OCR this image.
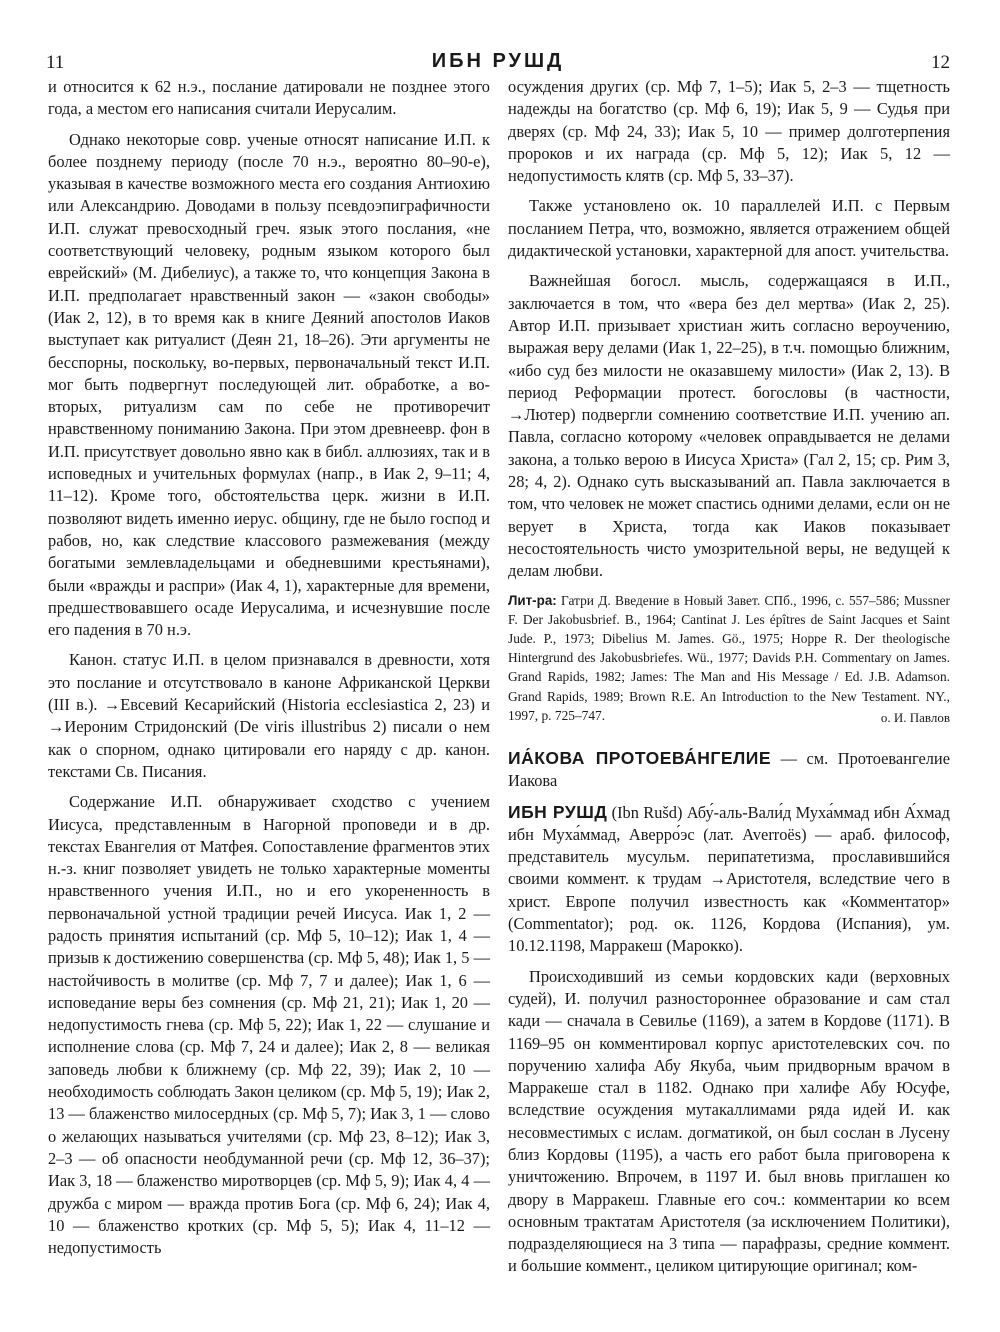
11	ИБН РУШД	12

и относится к 62 н.э., послание датировали не позднее этого года, а местом его написания считали Иерусалим.

Однако некоторые совр. ученые относят написание И.П. к более позднему периоду (после 70 н.э., вероятно 80–90-е), указывая в качестве возможного места его создания Антиохию или Александрию. Доводами в пользу псевдоэпиграфичности И.П. служат превосходный греч. язык этого послания, «не соответствующий человеку, родным языком которого был еврейский» (М. Дибелиус), а также то, что концепция Закона в И.П. предполагает нравственный закон — «закон свободы» (Иак 2, 12), в то время как в книге Деяний апостолов Иаков выступает как ритуалист (Деян 21, 18–26). Эти аргументы не бесспорны, поскольку, во-первых, первоначальный текст И.П. мог быть подвергнут последующей лит. обработке, а во-вторых, ритуализм сам по себе не противоречит нравственному пониманию Закона. При этом древнеевр. фон в И.П. присутствует довольно явно как в библ. аллюзиях, так и в исповедных и учительных формулах (напр., в Иак 2, 9–11; 4, 11–12). Кроме того, обстоятельства церк. жизни в И.П. позволяют видеть именно иерус. общину, где не было господ и рабов, но, как следствие классового размежевания (между богатыми землевладельцами и обедневшими крестьянами), были «вражды и распри» (Иак 4, 1), характерные для времени, предшествовавшего осаде Иерусалима, и исчезнувшие после его падения в 70 н.э.

Канон. статус И.П. в целом признавался в древности, хотя это послание и отсутствовало в каноне Африканской Церкви (III в.). →Евсевий Кесарийский (Historia ecclesiastica 2, 23) и →Иероним Стридонский (De viris illustribus 2) писали о нем как о спорном, однако цитировали его наряду с др. канон. текстами Св. Писания.

Содержание И.П. обнаруживает сходство с учением Иисуса, представленным в Нагорной проповеди и в др. текстах Евангелия от Матфея. Сопоставление фрагментов этих н.-з. книг позволяет увидеть не только характерные моменты нравственного учения И.П., но и его укорененность в первоначальной устной традиции речей Иисуса. Иак 1, 2 — радость принятия испытаний (ср. Мф 5, 10–12); Иак 1, 4 — призыв к достижению совершенства (ср. Мф 5, 48); Иак 1, 5 — настойчивость в молитве (ср. Мф 7, 7 и далее); Иак 1, 6 — исповедание веры без сомнения (ср. Мф 21, 21); Иак 1, 20 — недопустимость гнева (ср. Мф 5, 22); Иак 1, 22 — слушание и исполнение слова (ср. Мф 7, 24 и далее); Иак 2, 8 — великая заповедь любви к ближнему (ср. Мф 22, 39); Иак 2, 10 — необходимость соблюдать Закон целиком (ср. Мф 5, 19); Иак 2, 13 — блаженство милосердных (ср. Мф 5, 7); Иак 3, 1 — слово о желающих называться учителями (ср. Мф 23, 8–12); Иак 3, 2–3 — об опасности необдуманной речи (ср. Мф 12, 36–37); Иак 3, 18 — блаженство миротворцев (ср. Мф 5, 9); Иак 4, 4 — дружба с миром — вражда против Бога (ср. Мф 6, 24); Иак 4, 10 — блаженство кротких (ср. Мф 5, 5); Иак 4, 11–12 — недопустимость

осуждения других (ср. Мф 7, 1–5); Иак 5, 2–3 — тщетность надежды на богатство (ср. Мф 6, 19); Иак 5, 9 — Судья при дверях (ср. Мф 24, 33); Иак 5, 10 — пример долготерпения пророков и их награда (ср. Мф 5, 12); Иак 5, 12 — недопустимость клятв (ср. Мф 5, 33–37).

Также установлено ок. 10 параллелей И.П. с Первым посланием Петра, что, возможно, является отражением общей дидактической установки, характерной для апост. учительства.

Важнейшая богосл. мысль, содержащаяся в И.П., заключается в том, что «вера без дел мертва» (Иак 2, 25). Автор И.П. призывает христиан жить согласно вероучению, выражая веру делами (Иак 1, 22–25), в т.ч. помощью ближним, «ибо суд без милости не оказавшему милости» (Иак 2, 13). В период Реформации протест. богословы (в частности, →Лютер) подвергли сомнению соответствие И.П. учению ап. Павла, согласно которому «человек оправдывается не делами закона, а только верою в Иисуса Христа» (Гал 2, 15; ср. Рим 3, 28; 4, 2). Однако суть высказываний ап. Павла заключается в том, что человек не может спастись одними делами, если он не верует в Христа, тогда как Иаков показывает несостоятельность чисто умозрительной веры, не ведущей к делам любви.

Лит-ра: Гатри Д. Введение в Новый Завет. СПб., 1996, с. 557–586; Mussner F. Der Jakobusbrief. B., 1964; Cantinat J. Les épîtres de Saint Jacques et Saint Jude. P., 1973; Dibelius M. James. Gö., 1975; Hoppe R. Der theologische Hintergrund des Jakobusbriefes. Wü., 1977; Davids P.H. Commentary on James. Grand Rapids, 1982; James: The Man and His Message / Ed. J.B. Adamson. Grand Rapids, 1989; Brown R.E. An Introduction to the New Testament. NY., 1997, p. 725–747.	о. И. Павлов

ИА́КОВА ПРОТОЕВА́НГЕЛИЕ — см. Протоевангелие Иакова

ИБН РУШД (Ibn Rušd) Абу́-аль-Вали́д Муха́ммад ибн А́хмад ибн Муха́ммад, Аверро́эс (лат. Averroës) — араб. философ, представитель мусульм. перипатетизма, прославившийся своими коммент. к трудам →Аристотеля, вследствие чего в христ. Европе получил известность как «Комментатор» (Commentator); род. ок. 1126, Кордова (Испания), ум. 10.12.1198, Марракеш (Марокко).

Происходивший из семьи кордовских кади (верховных судей), И. получил разностороннее образование и сам стал кади — сначала в Севилье (1169), а затем в Кордове (1171). В 1169–95 он комментировал корпус аристотелевских соч. по поручению халифа Абу Якуба, чьим придворным врачом в Марракеше стал в 1182. Однако при халифе Абу Юсуфе, вследствие осуждения мутакаллимами ряда идей И. как несовместимых с ислам. догматикой, он был сослан в Лусену близ Кордовы (1195), а часть его работ была приговорена к уничтожению. Впрочем, в 1197 И. был вновь приглашен ко двору в Марракеш. Главные его соч.: комментарии ко всем основным трактатам Аристотеля (за исключением Политики), подразделяющиеся на 3 типа — парафразы, средние коммент. и большие коммент., целиком цитирующие оригинал; ком-
